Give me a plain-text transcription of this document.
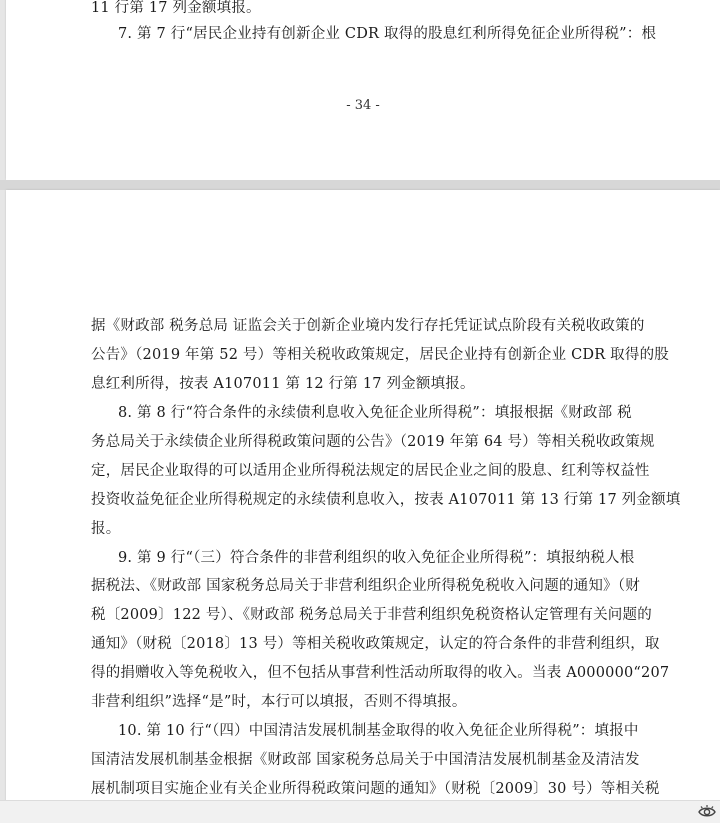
11 行第 17 列金额填报。
7. 第 7 行“居民企业持有创新企业 CDR 取得的股息红利所得免征企业所得税”：根
- 34 -
据《财政部 税务总局 证监会关于创新企业境内发行存托凭证试点阶段有关税收政策的
公告》（2019 年第 52 号）等相关税收政策规定，居民企业持有创新企业 CDR 取得的股
息红利所得，按表 A107011 第 12 行第 17 列金额填报。
8. 第 8 行“符合条件的永续债利息收入免征企业所得税”：填报根据《财政部 税
务总局关于永续债企业所得税政策问题的公告》（2019 年第 64 号）等相关税收政策规
定，居民企业取得的可以适用企业所得税法规定的居民企业之间的股息、红利等权益性
投资收益免征企业所得税规定的永续债利息收入，按表 A107011 第 13 行第 17 列金额填
报。
9. 第 9 行“（三）符合条件的非营利组织的收入免征企业所得税”：填报纳税人根
据税法、《财政部 国家税务总局关于非营利组织企业所得税免税收入问题的通知》（财
税〔2009〕122 号）、《财政部 税务总局关于非营利组织免税资格认定管理有关问题的
通知》（财税〔2018〕13 号）等相关税收政策规定，认定的符合条件的非营利组织，取
得的捐赠收入等免税收入，但不包括从事营利性活动所取得的收入。当表 A000000“207
非营利组织”选择“是”时，本行可以填报，否则不得填报。
10. 第 10 行“（四）中国清洁发展机制基金取得的收入免征企业所得税”：填报中
国清洁发展机制基金根据《财政部 国家税务总局关于中国清洁发展机制基金及清洁发
展机制项目实施企业有关企业所得税政策问题的通知》（财税〔2009〕30 号）等相关税
